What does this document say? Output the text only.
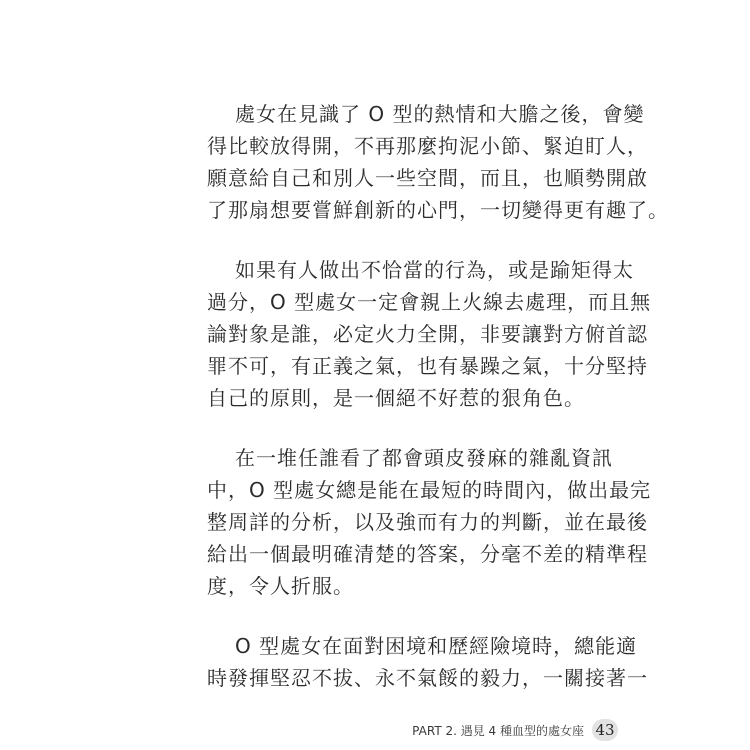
處女在見識了 O 型的熱情和大膽之後，會變
得比較放得開，不再那麼拘泥小節、緊迫盯人，
願意給自己和別人一些空間，而且，也順勢開啟
了那扇想要嘗鮮創新的心門，一切變得更有趣了。

如果有人做出不恰當的行為，或是踰矩得太
過分，O 型處女一定會親上火線去處理，而且無
論對象是誰，必定火力全開，非要讓對方俯首認
罪不可，有正義之氣，也有暴躁之氣，十分堅持
自己的原則，是一個絕不好惹的狠角色。

在一堆任誰看了都會頭皮發麻的雜亂資訊
中，O 型處女總是能在最短的時間內，做出最完
整周詳的分析，以及強而有力的判斷，並在最後
給出一個最明確清楚的答案，分毫不差的精準程
度，令人折服。

O 型處女在面對困境和歷經險境時，總能適
時發揮堅忍不拔、永不氣餒的毅力，一關接著一

PART 2. 遇見 4 種血型的處女座 43
